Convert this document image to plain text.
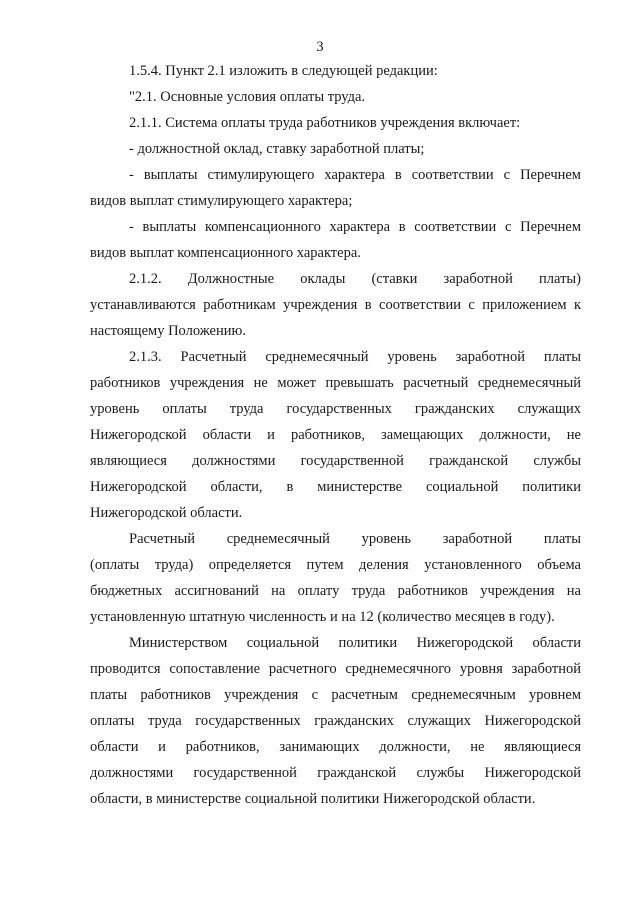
3

1.5.4. Пункт 2.1 изложить в следующей редакции:

"2.1. Основные условия оплаты труда.

2.1.1. Система оплаты труда работников учреждения включает:

- должностной оклад, ставку заработной платы;

- выплаты стимулирующего характера в соответствии с Перечнем
видов выплат стимулирующего характера;

- выплаты компенсационного характера в соответствии с Перечнем
видов выплат компенсационного характера.

2.1.2. Должностные оклады (ставки заработной платы)
устанавливаются работникам учреждения в соответствии с приложением к
настоящему Положению.

2.1.3. Расчетный среднемесячный уровень заработной платы
работников учреждения не может превышать расчетный среднемесячный
уровень оплаты труда государственных гражданских служащих
Нижегородской области и работников, замещающих должности, не
являющиеся должностями государственной гражданской службы
Нижегородской области, в министерстве социальной политики
Нижегородской области.

Расчетный среднемесячный уровень заработной платы
(оплаты труда) определяется путем деления установленного объема
бюджетных ассигнований на оплату труда работников учреждения на
установленную штатную численность и на 12 (количество месяцев в году).

Министерством социальной политики Нижегородской области
проводится сопоставление расчетного среднемесячного уровня заработной
платы работников учреждения с расчетным среднемесячным уровнем
оплаты труда государственных гражданских служащих Нижегородской
области и работников, занимающих должности, не являющиеся
должностями государственной гражданской службы Нижегородской
области, в министерстве социальной политики Нижегородской области.
